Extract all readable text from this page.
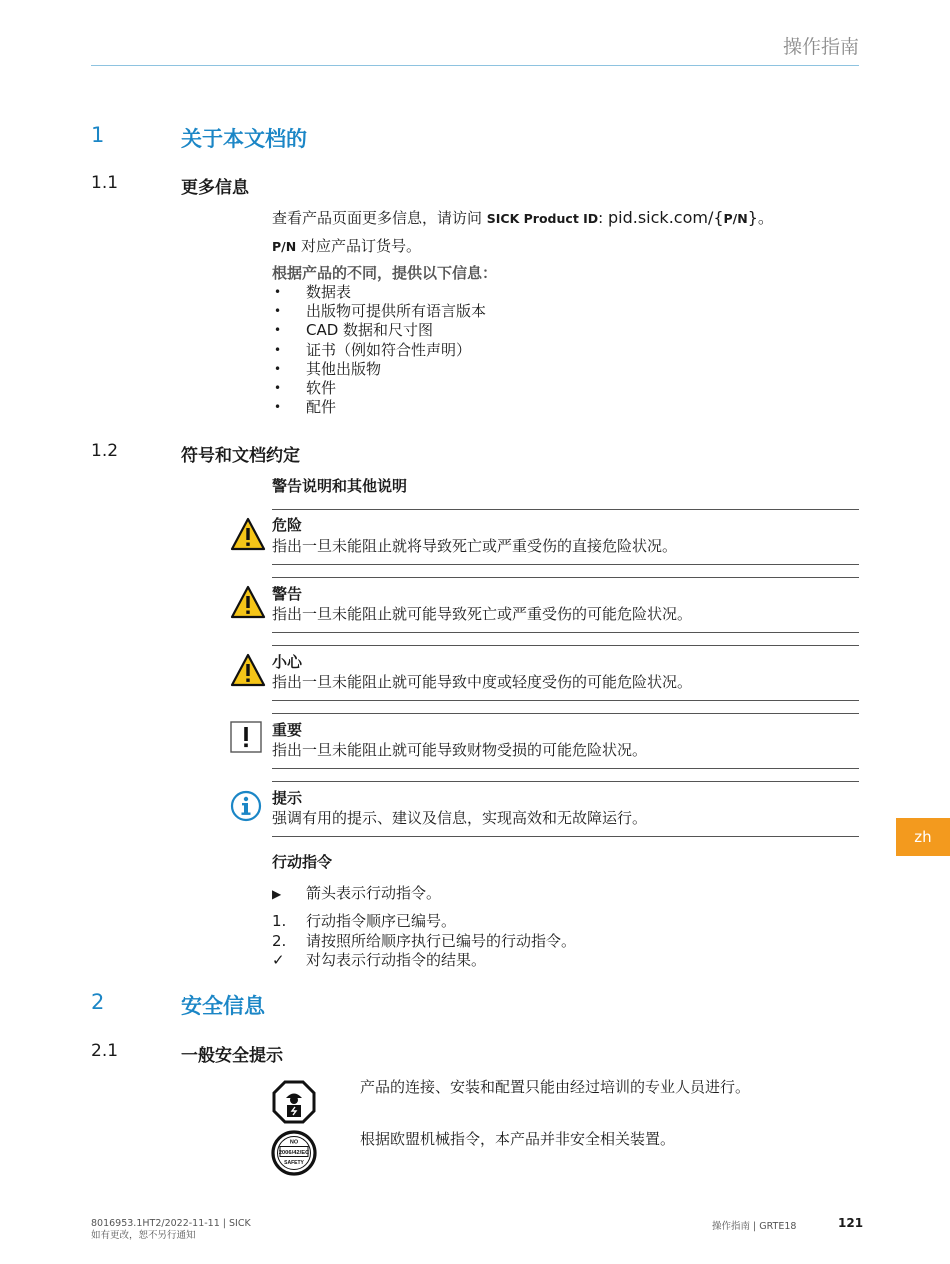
操作指南
1	关于本文档的
1.1	更多信息
查看产品页面更多信息，请访问 SICK Product ID: pid.sick.com/{P/N}。
P/N 对应产品订货号。
根据产品的不同，提供以下信息：
• 数据表
• 出版物可提供所有语言版本
• CAD 数据和尺寸图
• 证书（例如符合性声明）
• 其他出版物
• 软件
• 配件
1.2	符号和文档约定
警告说明和其他说明
危险
指出一旦未能阻止就将导致死亡或严重受伤的直接危险状况。
警告
指出一旦未能阻止就可能导致死亡或严重受伤的可能危险状况。
小心
指出一旦未能阻止就可能导致中度或轻度受伤的可能危险状况。
重要
指出一旦未能阻止就可能导致财物受损的可能危险状况。
提示
强调有用的提示、建议及信息，实现高效和无故障运行。
行动指令
▶ 箭头表示行动指令。
1. 行动指令顺序已编号。
2. 请按照所给顺序执行已编号的行动指令。
✓ 对勾表示行动指令的结果。
2	安全信息
2.1	一般安全提示
产品的连接、安装和配置只能由经过培训的专业人员进行。
NO
2006/42/EC
SAFETY
根据欧盟机械指令，本产品并非安全相关装置。
zh
8016953.1HT2/2022-11-11 | SICK
如有更改，恕不另行通知
操作指南 | GRTE18	121
